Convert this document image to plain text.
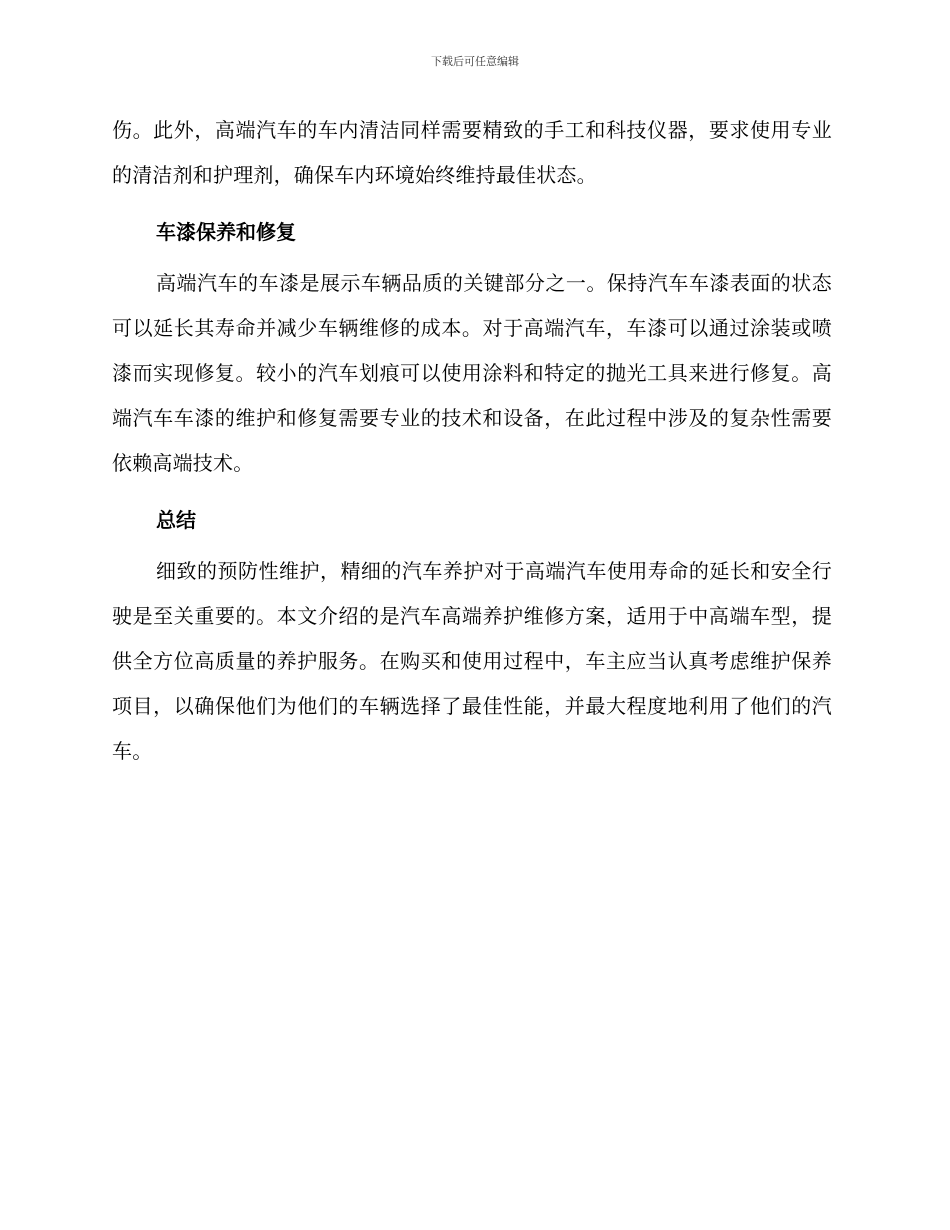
下载后可任意编辑

伤。此外，高端汽车的车内清洁同样需要精致的手工和科技仪器，要求使用专业的清洁剂和护理剂，确保车内环境始终维持最佳状态。

车漆保养和修复

高端汽车的车漆是展示车辆品质的关键部分之一。保持汽车车漆表面的状态可以延长其寿命并减少车辆维修的成本。对于高端汽车，车漆可以通过涂装或喷漆而实现修复。较小的汽车划痕可以使用涂料和特定的抛光工具来进行修复。高端汽车车漆的维护和修复需要专业的技术和设备，在此过程中涉及的复杂性需要依赖高端技术。

总结

细致的预防性维护，精细的汽车养护对于高端汽车使用寿命的延长和安全行驶是至关重要的。本文介绍的是汽车高端养护维修方案，适用于中高端车型，提供全方位高质量的养护服务。在购买和使用过程中，车主应当认真考虑维护保养项目，以确保他们为他们的车辆选择了最佳性能，并最大程度地利用了他们的汽车。
